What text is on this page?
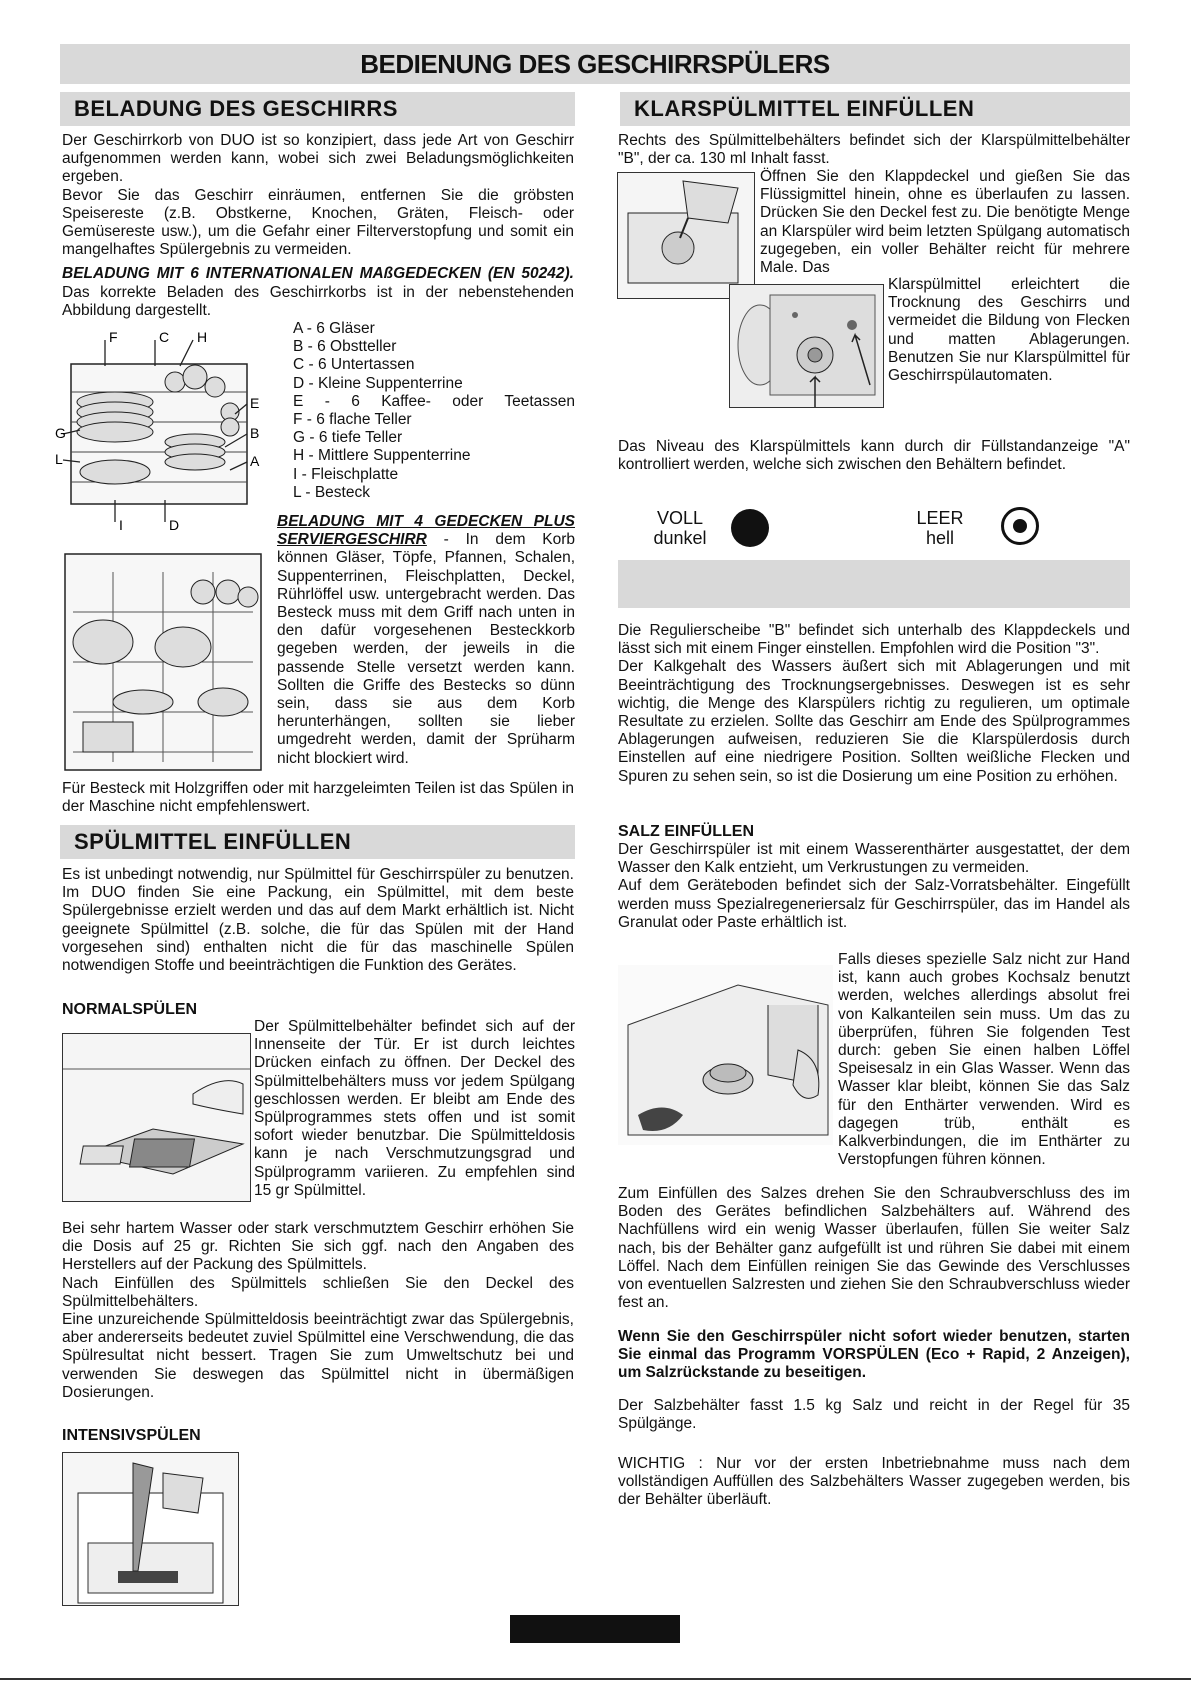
BEDIENUNG DES GESCHIRRSPÜLERS
BELADUNG DES GESCHIRRS

Der Geschirrkorb von DUO ist so konzipiert, dass jede Art von Geschirr aufgenommen werden kann, wobei sich zwei Beladungsmöglichkeiten ergeben.

Bevor Sie das Geschirr einräumen, entfernen Sie die gröbsten Speisereste (z.B. Obstkerne, Knochen, Gräten, Fleisch- oder Gemüsereste usw.), um die Gefahr einer Filterverstopfung und somit ein mangelhaftes Spülergebnis zu vermeiden.

BELADUNG MIT 6 INTERNATIONALEN MAßGEDECKEN (EN 50242). Das korrekte Beladen des Geschirrkorbs ist in der nebenstehenden Abbildung dargestellt.

F	C H
E
B
G
L	A
I	D
A - 6 Gläser
B - 6 Obstteller
C - 6 Untertassen
D - Kleine Suppenterrine
E - 6 Kaffee- oder Teetassen
F - 6 flache Teller
G - 6 tiefe Teller
H - Mittlere Suppenterrine
I - Fleischplatte
L - Besteck

BELADUNG MIT 4 GEDECKEN PLUS SERVIERGESCHIRR - In dem Korb können Gläser, Töpfe, Pfannen, Schalen, Suppenterrinen, Fleischplatten, Deckel, Rührlöffel usw. untergebracht werden. Das Besteck muss mit dem Griff nach unten in den dafür vorgesehenen Besteckkorb gegeben werden, der jeweils in die passende Stelle versetzt werden kann. Sollten die Griffe des Bestecks so dünn sein, dass sie aus dem Korb herunterhängen, sollten sie lieber umgedreht werden, damit der Sprüharm nicht blockiert wird.

Für Besteck mit Holzgriffen oder mit harzgeleimten Teilen ist das Spülen in der Maschine nicht empfehlenswert.
SPÜLMITTEL EINFÜLLEN
Es ist unbedingt notwendig, nur Spülmittel für Geschirrspüler zu benutzen. Im DUO finden Sie eine Packung, ein Spülmittel, mit dem beste Spülergebnisse erzielt werden und das auf dem Markt erhältlich ist. Nicht geeignete Spülmittel (z.B. solche, die für das Spülen mit der Hand vorgesehen sind) enthalten nicht die für das maschinelle Spülen notwendigen Stoffe und beeinträchtigen die Funktion des Gerätes.
NORMALSPÜLEN
Der Spülmittelbehälter befindet sich auf der Innenseite der Tür. Er ist durch leichtes Drücken einfach zu öffnen. Der Deckel des Spülmittelbehälters muss vor jedem Spülgang geschlossen werden. Er bleibt am Ende des Spülprogrammes stets offen und ist somit sofort wieder benutzbar. Die Spülmitteldosis kann je nach Verschmutzungsgrad und Spülprogramm variieren. Zu empfehlen sind 15 gr Spülmittel.

Bei sehr hartem Wasser oder stark verschmutztem Geschirr erhöhen Sie die Dosis auf 25 gr. Richten Sie sich ggf. nach den Angaben des Herstellers auf der Packung des Spülmittels.

Nach Einfüllen des Spülmittels schließen Sie den Deckel des Spülmittelbehälters.

Eine unzureichende Spülmitteldosis beeinträchtigt zwar das Spülergebnis, aber andererseits bedeutet zuviel Spülmittel eine Verschwendung, die das Spülresultat nicht bessert. Tragen Sie zum Umweltschutz bei und verwenden Sie deswegen das Spülmittel nicht in übermäßigen Dosierungen.

INTENSIVSPÜLEN
KLARSPÜLMITTEL EINFÜLLEN
Rechts des Spülmittelbehälters befindet sich der Klarspülmittelbehälter "B", der ca. 130 ml Inhalt fasst.
Öffnen Sie den Klappdeckel und gießen Sie das Flüssigmittel hinein, ohne es überlaufen zu lassen. Drücken Sie den Deckel fest zu. Die benötigte Menge an Klarspüler wird beim letzten Spülgang automatisch zugegeben, ein voller Behälter reicht für mehrere Male. Das
Klarspülmittel erleichtert die Trocknung des Geschirrs und vermeidet die Bildung von Flecken und matten Ablagerungen. Benutzen Sie nur Klarspülmittel für Geschirrspülautomaten.
Das Niveau des Klarspülmittels kann durch dir Füllstandanzeige "A" kontrolliert werden, welche sich zwischen den Behältern befindet.
VOLL
dunkel
LEER
hell

Die Regulierscheibe "B" befindet sich unterhalb des Klappdeckels und lässt sich mit einem Finger einstellen. Empfohlen wird die Position "3".

Der Kalkgehalt des Wassers äußert sich mit Ablagerungen und mit Beeinträchtigung des Trocknungsergebnisses. Deswegen ist es sehr wichtig, die Menge des Klarspülers richtig zu regulieren, um optimale Resultate zu erzielen. Sollte das Geschirr am Ende des Spülprogrammes Ablagerungen aufweisen, reduzieren Sie die Klarspülerdosis durch Einstellen auf eine niedrigere Position. Sollten weißliche Flecken und Spuren zu sehen sein, so ist die Dosierung um eine Position zu erhöhen.

SALZ EINFÜLLEN

Der Geschirrspüler ist mit einem Wasserenthärter ausgestattet, der dem Wasser den Kalk entzieht, um Verkrustungen zu vermeiden.

Auf dem Geräteboden befindet sich der Salz-Vorratsbehälter. Eingefüllt werden muss Spezialregeneriersalz für Geschirrspüler, das im Handel als Granulat oder Paste erhältlich ist.

Falls dieses spezielle Salz nicht zur Hand ist, kann auch grobes Kochsalz benutzt werden, welches allerdings absolut frei von Kalkanteilen sein muss. Um das zu überprüfen, führen Sie folgenden Test durch: geben Sie einen halben Löffel Speisesalz in ein Glas Wasser. Wenn das Wasser klar bleibt, können Sie das Salz für den Enthärter verwenden. Wird es dagegen trüb, enthält es Kalkverbindungen, die im Enthärter zu Verstopfungen führen können.
Zum Einfüllen des Salzes drehen Sie den Schraubverschluss des im Boden des Gerätes befindlichen Salzbehälters auf. Während des Nachfüllens wird ein wenig Wasser überlaufen, füllen Sie weiter Salz nach, bis der Behälter ganz aufgefüllt ist und rühren Sie dabei mit einem Löffel. Nach dem Einfüllen reinigen Sie das Gewinde des Verschlusses von eventuellen Salzresten und ziehen Sie den Schraubverschluss wieder fest an.
Wenn Sie den Geschirrspüler nicht sofort wieder benutzen, starten Sie einmal das Programm VORSPÜLEN (Eco + Rapid, 2 Anzeigen), um Salzrückstande zu beseitigen.
Der Salzbehälter fasst 1.5 kg Salz und reicht in der Regel für 35 Spülgänge.
WICHTIG : Nur vor der ersten Inbetriebnahme muss nach dem vollständigen Auffüllen des Salzbehälters Wasser zugegeben werden, bis der Behälter überläuft.
